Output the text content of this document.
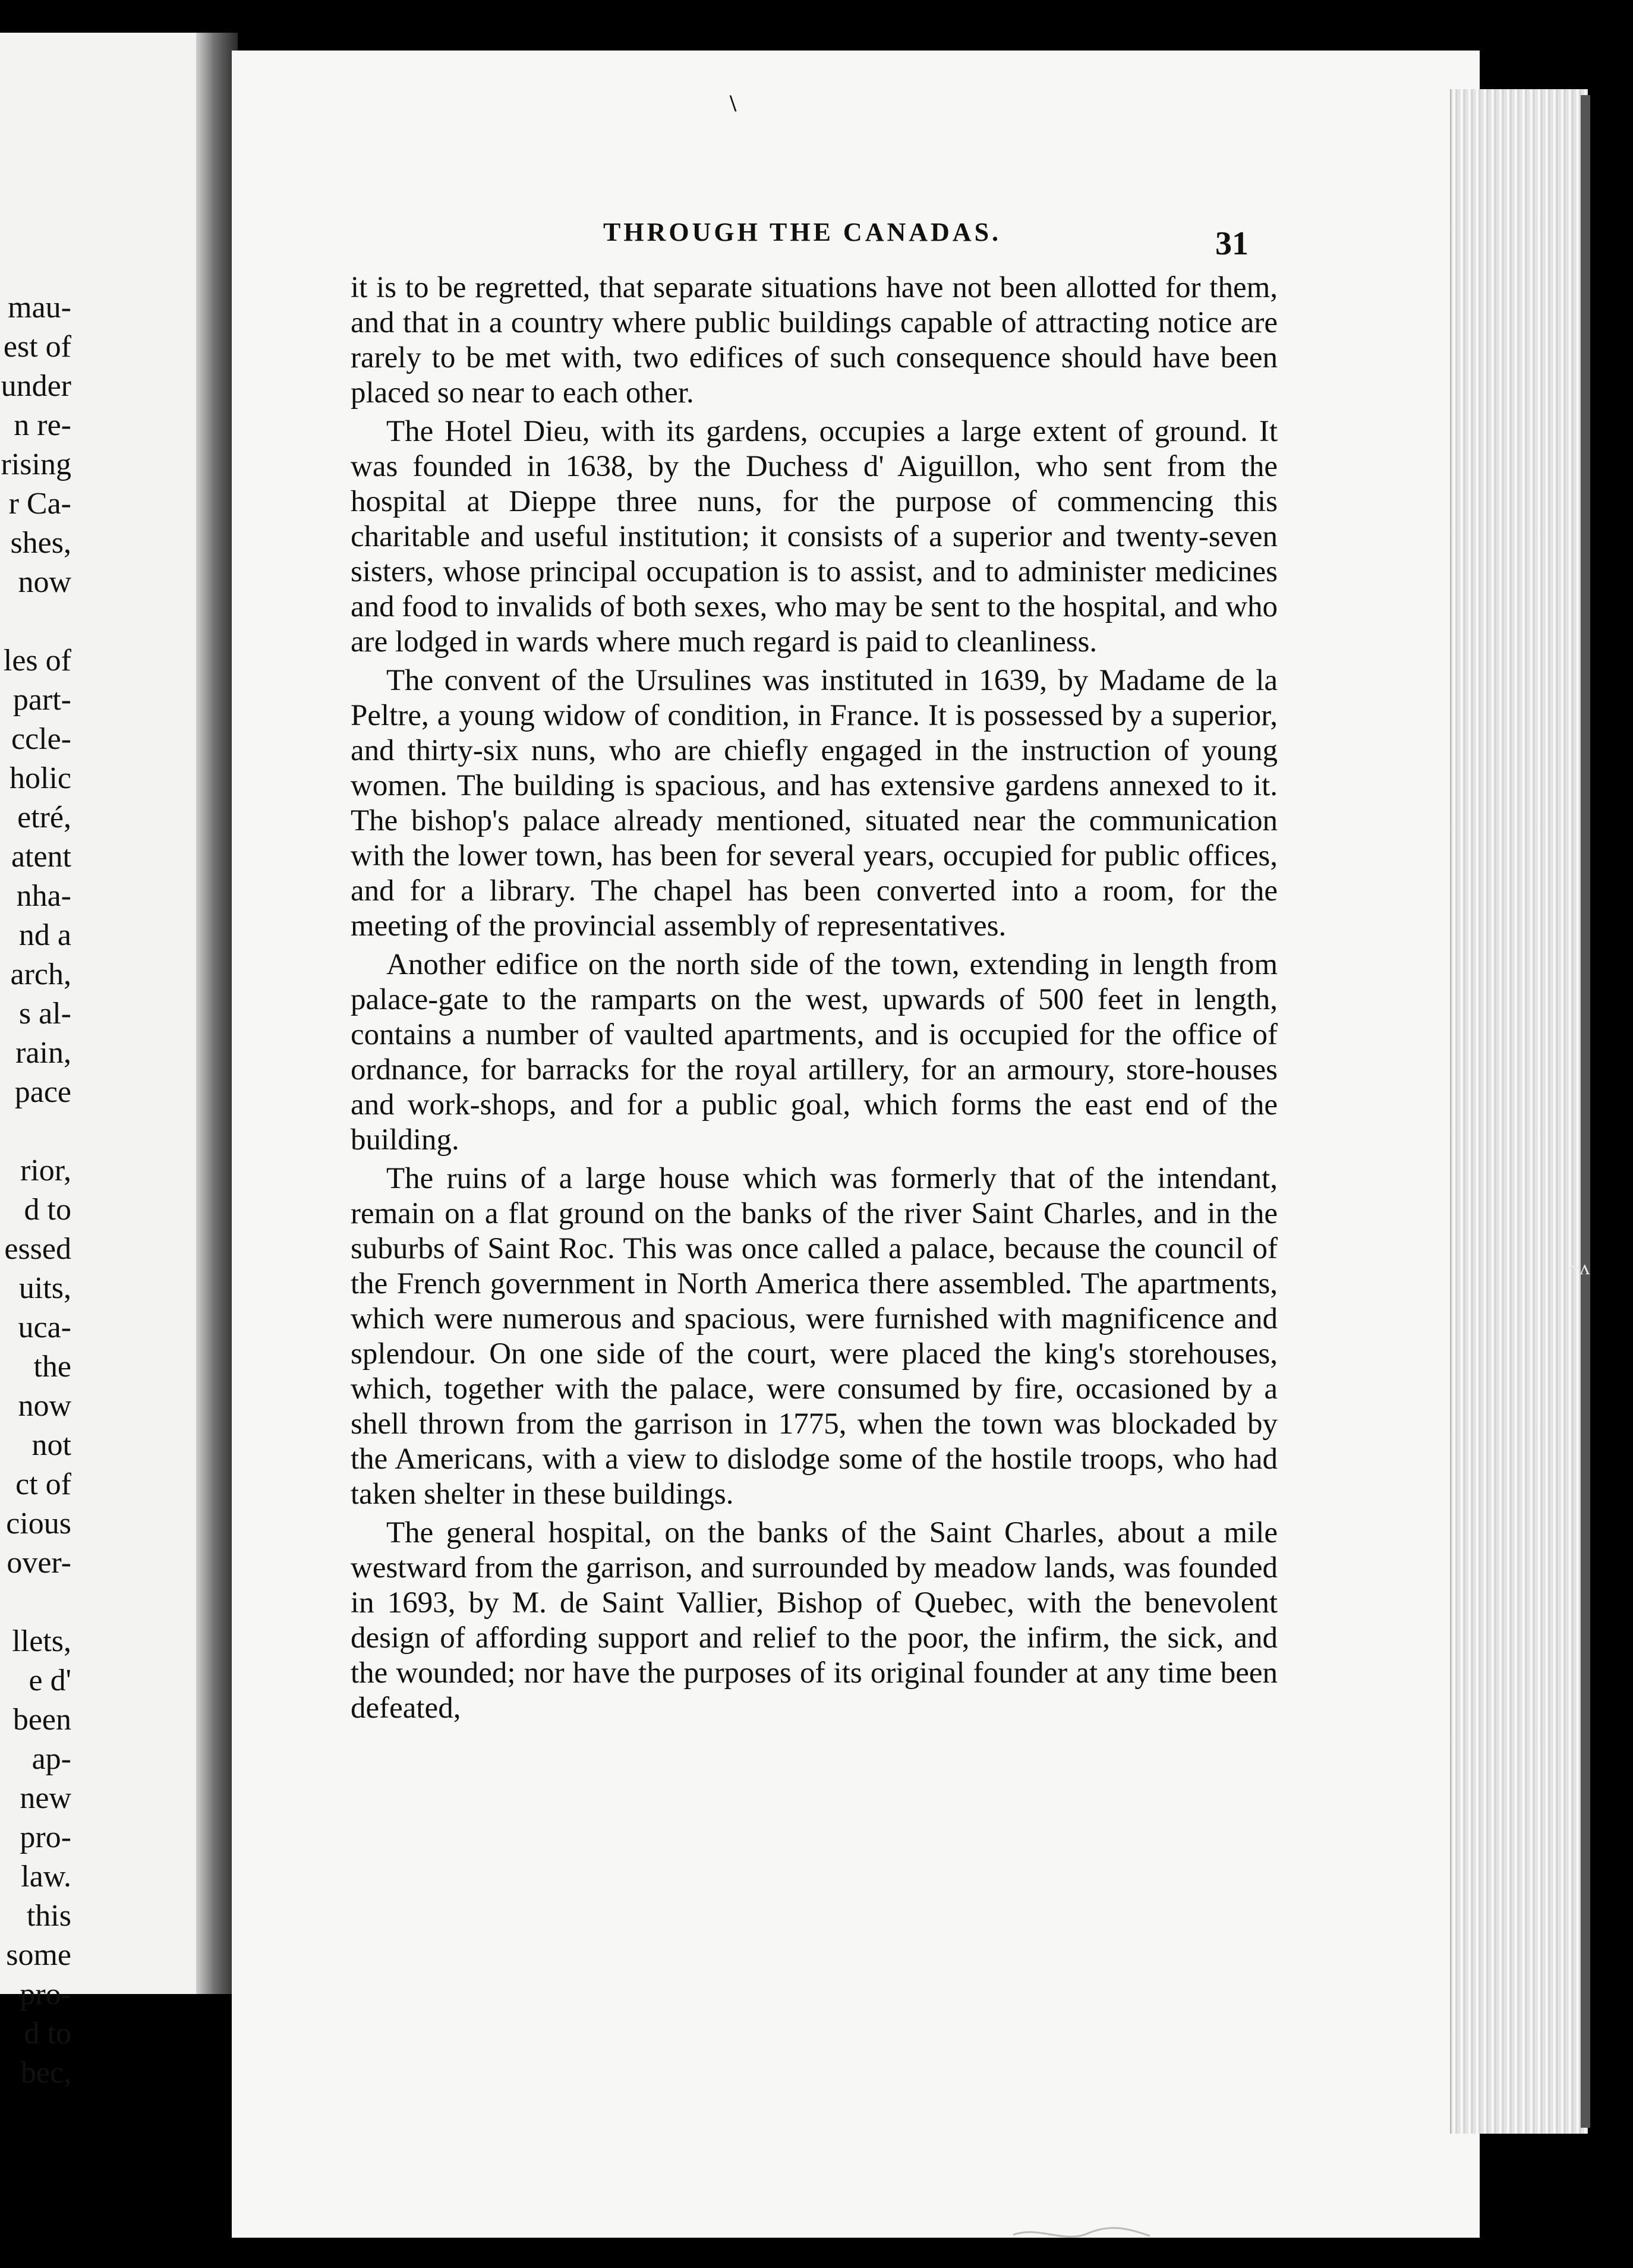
mau-
est of
under
n re-
rising
r Ca-
shes,
now
les of
part-
ccle-
holic
etré,
atent
nha-
nd a
arch,
s al-
rain,
pace
rior,
d to
essed
uits,
uca-
the
now
not
ct of
cious
over-
llets,
e d'
been
ap-
new
pro-
law.
this
some
pro-
d to
bec,
\
THROUGH THE CANADAS.	31

it is to be regretted, that separate situations have not been allotted for them, and that in a country where public buildings capable of attracting notice are rarely to be met with, two edifices of such consequence should have been placed so near to each other.

The Hotel Dieu, with its gardens, occupies a large extent of ground. It was founded in 1638, by the Duchess d' Aiguillon, who sent from the hospital at Dieppe three nuns, for the purpose of commencing this charitable and useful institution; it consists of a superior and twenty-seven sisters, whose principal occupation is to assist, and to administer medicines and food to invalids of both sexes, who may be sent to the hospital, and who are lodged in wards where much regard is paid to cleanliness.

The convent of the Ursulines was instituted in 1639, by Madame de la Peltre, a young widow of condition, in France. It is possessed by a superior, and thirty-six nuns, who are chiefly engaged in the instruction of young women. The building is spacious, and has extensive gardens annexed to it. The bishop's palace already mentioned, situated near the communication with the lower town, has been for several years, occupied for public offices, and for a library. The chapel has been converted into a room, for the meeting of the provincial assembly of representatives.

Another edifice on the north side of the town, extending in length from palace-gate to the ramparts on the west, upwards of 500 feet in length, contains a number of vaulted apartments, and is occupied for the office of ordnance, for barracks for the royal artillery, for an armoury, store-houses and work-shops, and for a public goal, which forms the east end of the building.

The ruins of a large house which was formerly that of the intendant, remain on a flat ground on the banks of the river Saint Charles, and in the suburbs of Saint Roc. This was once called a palace, because the council of the French government in North America there assembled. The apartments, which were numerous and spacious, were furnished with magnificence and splendour. On one side of the court, were placed the king's storehouses, which, together with the palace, were consumed by fire, occasioned by a shell thrown from the garrison in 1775, when the town was blockaded by the Americans, with a view to dislodge some of the hostile troops, who had taken shelter in these buildings.

The general hospital, on the banks of the Saint Charles, about a mile westward from the garrison, and surrounded by meadow lands, was founded in 1693, by M. de Saint Vallier, Bishop of Quebec, with the benevolent design of affording support and relief to the poor, the infirm, the sick, and the wounded; nor have the purposes of its original founder at any time been defeated,

~ʌ
